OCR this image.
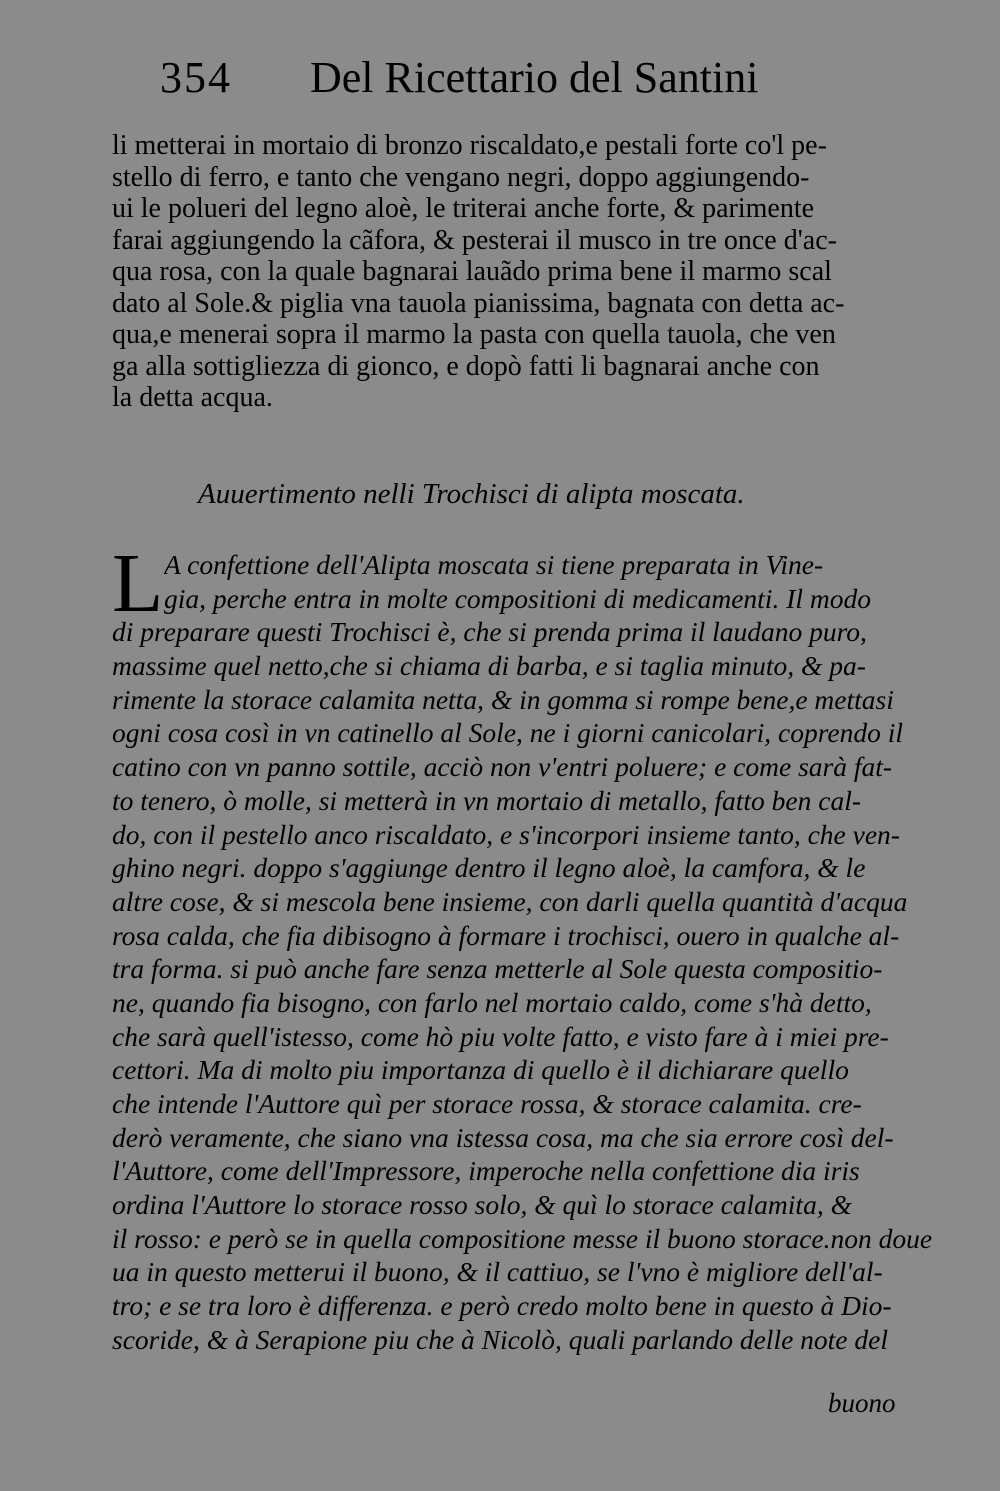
354 Del Ricettario del Santini
li metterai in mortaio di bronzo riscaldato,e pestali forte co'l pe-
stello di ferro, e tanto che vengano negri, doppo aggiungendo-
ui le polueri del legno aloè, le triterai anche forte, & parimente
farai aggiungendo la cãfora, & pesterai il musco in tre once d'ac-
qua rosa, con la quale bagnarai lauãdo prima bene il marmo scal
dato al Sole.& piglia vna tauola pianissima, bagnata con detta ac-
qua,e menerai sopra il marmo la pasta con quella tauola, che ven
ga alla sottigliezza di gionco, e dopò fatti li bagnarai anche con
la detta acqua.
Auuertimento nelli Trochisci di alipta moscata.
L A confettione dell'Alipta moscata si tiene preparata in Vine-
gia, perche entra in molte compositioni di medicamenti. Il modo
di preparare questi Trochisci è, che si prenda prima il laudano puro,
massime quel netto,che si chiama di barba, e si taglia minuto, & pa-
rimente la storace calamita netta, & in gomma si rompe bene,e mettasi
ogni cosa così in vn catinello al Sole, ne i giorni canicolari, coprendo il
catino con vn panno sottile, acciò non v'entri poluere; e come sarà fat-
to tenero, ò molle, si metterà in vn mortaio di metallo, fatto ben cal-
do, con il pestello anco riscaldato, e s'incorpori insieme tanto, che ven-
ghino negri. doppo s'aggiunge dentro il legno aloè, la camfora, & le
altre cose, & si mescola bene insieme, con darli quella quantità d'acqua
rosa calda, che fia dibisogno à formare i trochisci, ouero in qualche al-
tra forma. si può anche fare senza metterle al Sole questa compositio-
ne, quando fia bisogno, con farlo nel mortaio caldo, come s'hà detto,
che sarà quell'istesso, come hò piu volte fatto, e visto fare à i miei pre-
cettori. Ma di molto piu importanza di quello è il dichiarare quello
che intende l'Auttore quì per storace rossa, & storace calamita. cre-
derò veramente, che siano vna istessa cosa, ma che sia errore così del-
l'Auttore, come dell'Impressore, imperoche nella confettione dia iris
ordina l'Auttore lo storace rosso solo, & quì lo storace calamita, &
il rosso: e però se in quella compositione messe il buono storace.non doue
ua in questo metterui il buono, & il cattiuo, se l'vno è migliore dell'al-
tro; e se tra loro è differenza. e però credo molto bene in questo à Dio-
scoride, & à Serapione piu che à Nicolò, quali parlando delle note del
buono
